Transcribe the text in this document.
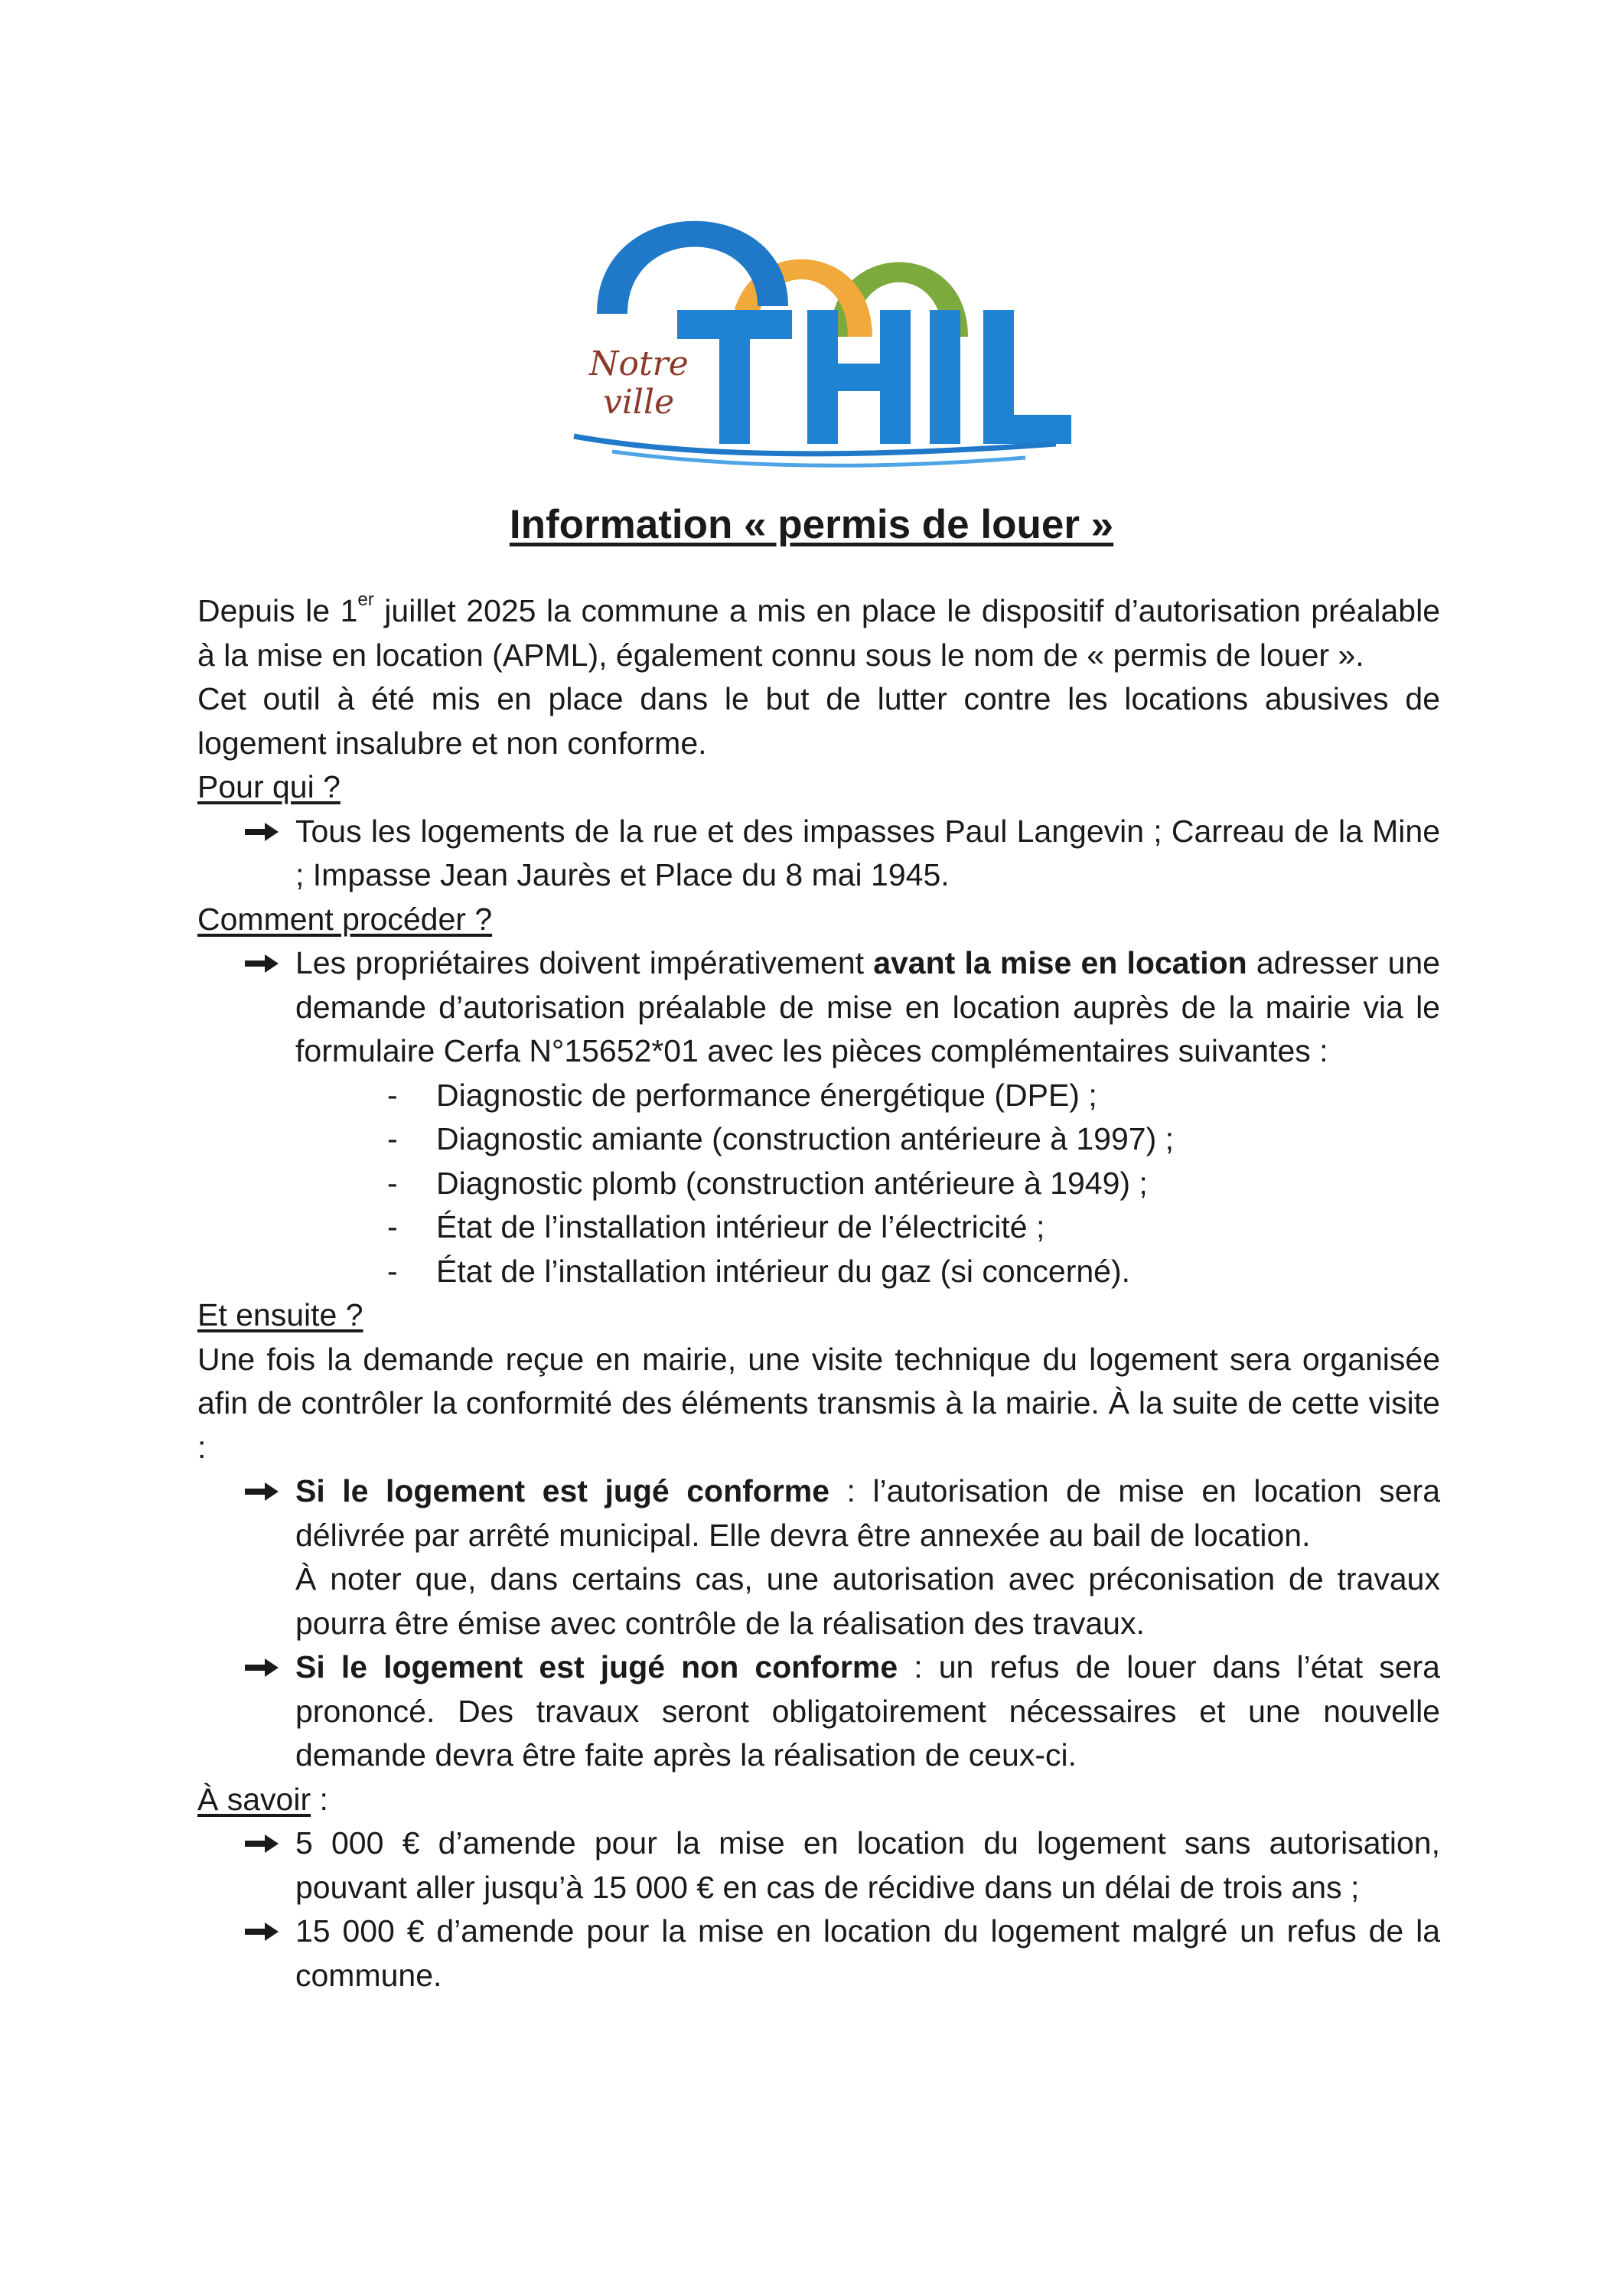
Notre
ville
Information « permis de louer »

Depuis le 1er juillet 2025 la commune a mis en place le dispositif d’autorisation préalable à la mise en location (APML), également connu sous le nom de « permis de louer ».

Cet outil à été mis en place dans le but de lutter contre les locations abusives de logement insalubre et non conforme.

Pour qui ?

Tous les logements de la rue et des impasses Paul Langevin ; Carreau de la Mine ; Impasse Jean Jaurès et Place du 8 mai 1945.

Comment procéder ?

Les propriétaires doivent impérativement avant la mise en location adresser une demande d’autorisation préalable de mise en location auprès de la mairie via le formulaire Cerfa N°15652*01 avec les pièces complémentaires suivantes :
- Diagnostic de performance énergétique (DPE) ;
- Diagnostic amiante (construction antérieure à 1997) ;
- Diagnostic plomb (construction antérieure à 1949) ;
- État de l’installation intérieur de l’électricité ;
- État de l’installation intérieur du gaz (si concerné).

Et ensuite ?

Une fois la demande reçue en mairie, une visite technique du logement sera organisée afin de contrôler la conformité des éléments transmis à la mairie. À la suite de cette visite :

Si le logement est jugé conforme : l’autorisation de mise en location sera délivrée par arrêté municipal. Elle devra être annexée au bail de location.
À noter que, dans certains cas, une autorisation avec préconisation de travaux pourra être émise avec contrôle de la réalisation des travaux.
Si le logement est jugé non conforme : un refus de louer dans l’état sera prononcé. Des travaux seront obligatoirement nécessaires et une nouvelle demande devra être faite après la réalisation de ceux-ci.

À savoir :

5 000 € d’amende pour la mise en location du logement sans autorisation, pouvant aller jusqu’à 15 000 € en cas de récidive dans un délai de trois ans ;
15 000 € d’amende pour la mise en location du logement malgré un refus de la commune.
